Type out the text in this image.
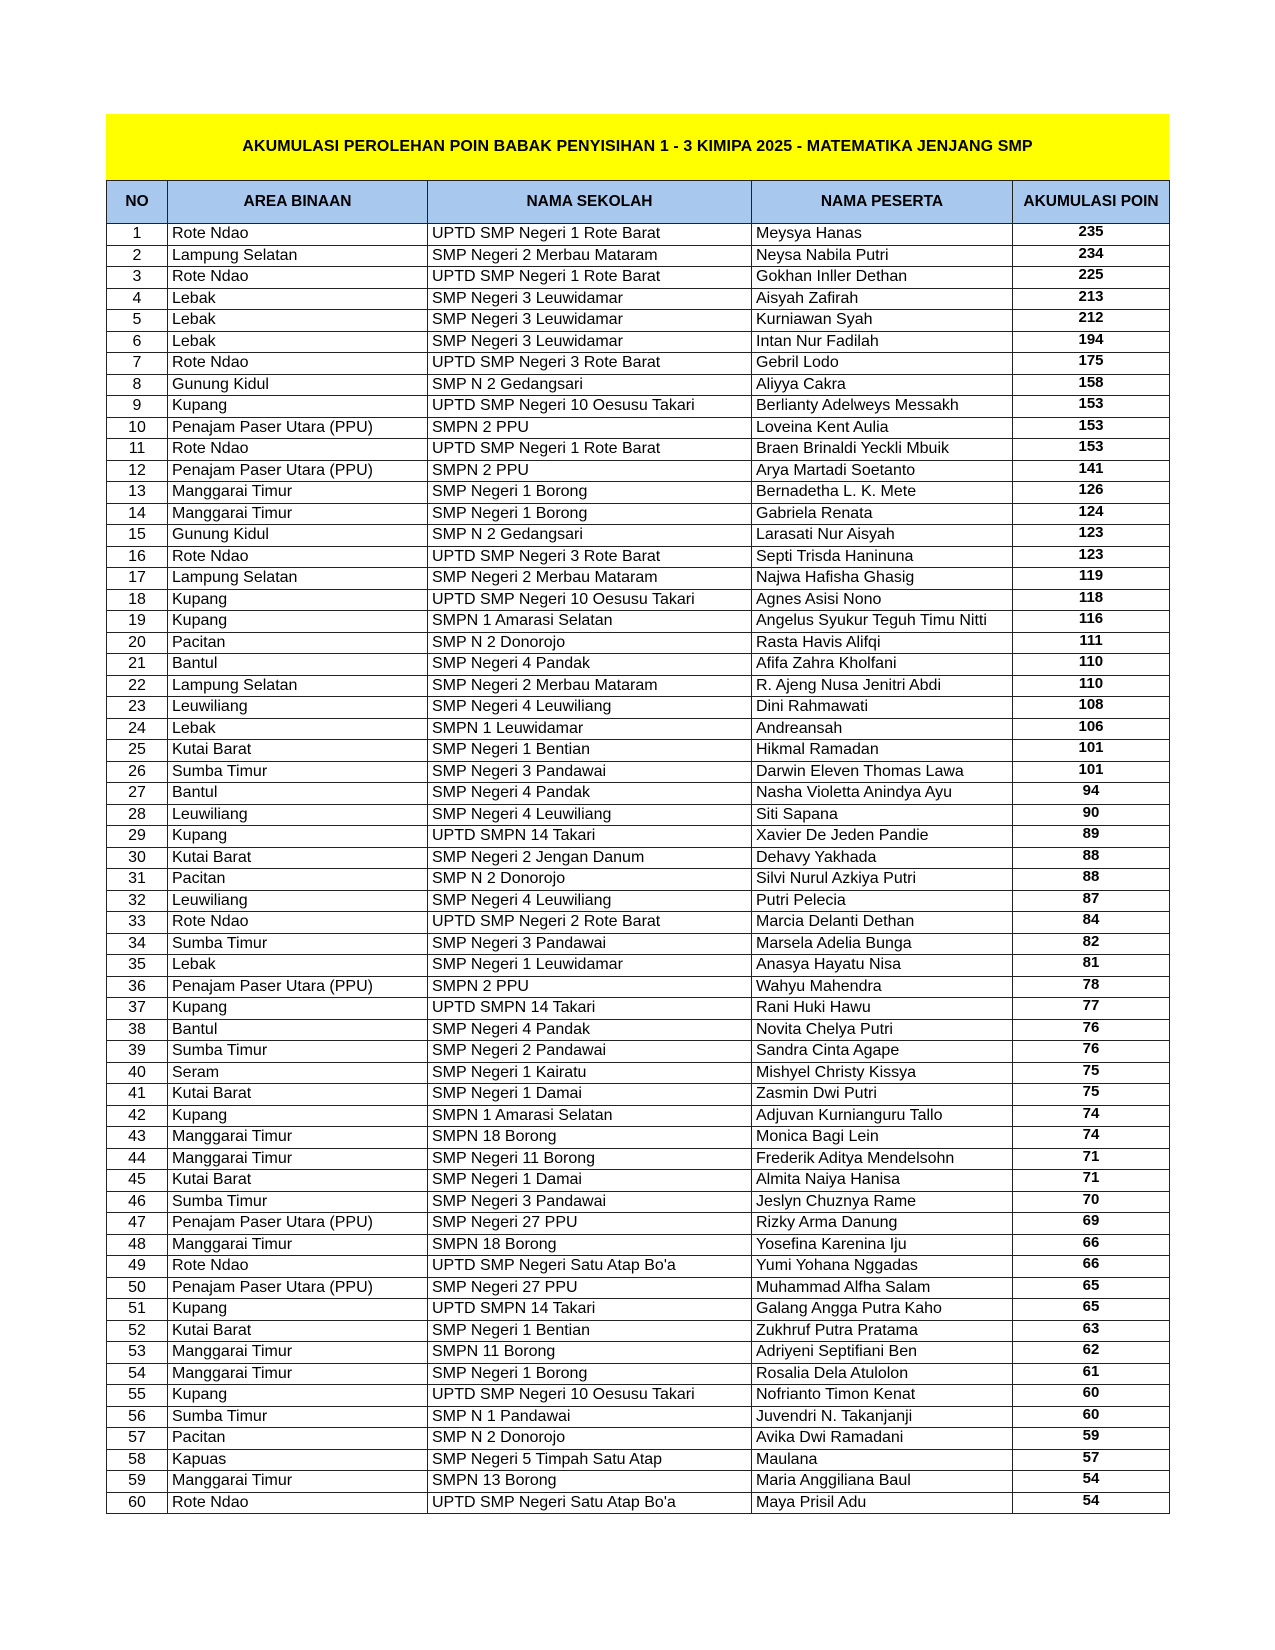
AKUMULASI PEROLEHAN POIN BABAK PENYISIHAN 1 - 3 KIMIPA 2025 - MATEMATIKA JENJANG SMP
NO	AREA BINAAN	NAMA SEKOLAH	NAMA PESERTA	AKUMULASI POIN
1	Rote Ndao	UPTD SMP Negeri 1 Rote Barat	Meysya Hanas	235
2	Lampung Selatan	SMP Negeri 2 Merbau Mataram	Neysa Nabila Putri	234
3	Rote Ndao	UPTD SMP Negeri 1 Rote Barat	Gokhan Inller Dethan	225
4	Lebak	SMP Negeri 3 Leuwidamar	Aisyah Zafirah	213
5	Lebak	SMP Negeri 3 Leuwidamar	Kurniawan Syah	212
6	Lebak	SMP Negeri 3 Leuwidamar	Intan Nur Fadilah	194
7	Rote Ndao	UPTD SMP Negeri 3 Rote Barat	Gebril Lodo	175
8	Gunung Kidul	SMP N 2 Gedangsari	Aliyya Cakra	158
9	Kupang	UPTD SMP Negeri 10 Oesusu Takari	Berlianty Adelweys Messakh	153
10	Penajam Paser Utara (PPU)	SMPN 2 PPU	Loveina Kent Aulia	153
11	Rote Ndao	UPTD SMP Negeri 1 Rote Barat	Braen Brinaldi Yeckli Mbuik	153
12	Penajam Paser Utara (PPU)	SMPN 2 PPU	Arya Martadi Soetanto	141
13	Manggarai Timur	SMP Negeri 1 Borong	Bernadetha L. K. Mete	126
14	Manggarai Timur	SMP Negeri 1 Borong	Gabriela Renata	124
15	Gunung Kidul	SMP N 2 Gedangsari	Larasati Nur Aisyah	123
16	Rote Ndao	UPTD SMP Negeri 3 Rote Barat	Septi Trisda Haninuna	123
17	Lampung Selatan	SMP Negeri 2 Merbau Mataram	Najwa Hafisha Ghasig	119
18	Kupang	UPTD SMP Negeri 10 Oesusu Takari	Agnes Asisi Nono	118
19	Kupang	SMPN 1 Amarasi Selatan	Angelus Syukur Teguh Timu Nitti	116
20	Pacitan	SMP N 2 Donorojo	Rasta Havis Alifqi	111
21	Bantul	SMP Negeri 4 Pandak	Afifa Zahra Kholfani	110
22	Lampung Selatan	SMP Negeri 2 Merbau Mataram	R. Ajeng Nusa Jenitri Abdi	110
23	Leuwiliang	SMP Negeri 4 Leuwiliang	Dini Rahmawati	108
24	Lebak	SMPN 1 Leuwidamar	Andreansah	106
25	Kutai Barat	SMP Negeri 1 Bentian	Hikmal Ramadan	101
26	Sumba Timur	SMP Negeri 3 Pandawai	Darwin Eleven Thomas Lawa	101
27	Bantul	SMP Negeri 4 Pandak	Nasha Violetta Anindya Ayu	94
28	Leuwiliang	SMP Negeri 4 Leuwiliang	Siti Sapana	90
29	Kupang	UPTD SMPN 14 Takari	Xavier De Jeden Pandie	89
30	Kutai Barat	SMP Negeri 2 Jengan Danum	Dehavy Yakhada	88
31	Pacitan	SMP N 2 Donorojo	Silvi Nurul Azkiya Putri	88
32	Leuwiliang	SMP Negeri 4 Leuwiliang	Putri Pelecia	87
33	Rote Ndao	UPTD SMP Negeri 2 Rote Barat	Marcia Delanti Dethan	84
34	Sumba Timur	SMP Negeri 3 Pandawai	Marsela Adelia Bunga	82
35	Lebak	SMP Negeri 1 Leuwidamar	Anasya Hayatu Nisa	81
36	Penajam Paser Utara (PPU)	SMPN 2 PPU	Wahyu Mahendra	78
37	Kupang	UPTD SMPN 14 Takari	Rani Huki Hawu	77
38	Bantul	SMP Negeri 4 Pandak	Novita Chelya Putri	76
39	Sumba Timur	SMP Negeri 2 Pandawai	Sandra Cinta Agape	76
40	Seram	SMP Negeri 1 Kairatu	Mishyel Christy Kissya	75
41	Kutai Barat	SMP Negeri 1 Damai	Zasmin Dwi Putri	75
42	Kupang	SMPN 1 Amarasi Selatan	Adjuvan Kurnianguru Tallo	74
43	Manggarai Timur	SMPN 18 Borong	Monica Bagi Lein	74
44	Manggarai Timur	SMP Negeri 11 Borong	Frederik Aditya Mendelsohn	71
45	Kutai Barat	SMP Negeri 1 Damai	Almita Naiya Hanisa	71
46	Sumba Timur	SMP Negeri 3 Pandawai	Jeslyn Chuznya Rame	70
47	Penajam Paser Utara (PPU)	SMP Negeri 27 PPU	Rizky Arma Danung	69
48	Manggarai Timur	SMPN 18 Borong	Yosefina Karenina Iju	66
49	Rote Ndao	UPTD SMP Negeri Satu Atap Bo'a	Yumi Yohana Nggadas	66
50	Penajam Paser Utara (PPU)	SMP Negeri 27 PPU	Muhammad Alfha Salam	65
51	Kupang	UPTD SMPN 14 Takari	Galang Angga Putra Kaho	65
52	Kutai Barat	SMP Negeri 1 Bentian	Zukhruf Putra Pratama	63
53	Manggarai Timur	SMPN 11 Borong	Adriyeni Septifiani Ben	62
54	Manggarai Timur	SMP Negeri 1 Borong	Rosalia Dela Atulolon	61
55	Kupang	UPTD SMP Negeri 10 Oesusu Takari	Nofrianto Timon Kenat	60
56	Sumba Timur	SMP N 1 Pandawai	Juvendri N. Takanjanji	60
57	Pacitan	SMP N 2 Donorojo	Avika Dwi Ramadani	59
58	Kapuas	SMP Negeri 5 Timpah Satu Atap	Maulana	57
59	Manggarai Timur	SMPN 13 Borong	Maria Anggiliana Baul	54
60	Rote Ndao	UPTD SMP Negeri Satu Atap Bo'a	Maya Prisil Adu	54
